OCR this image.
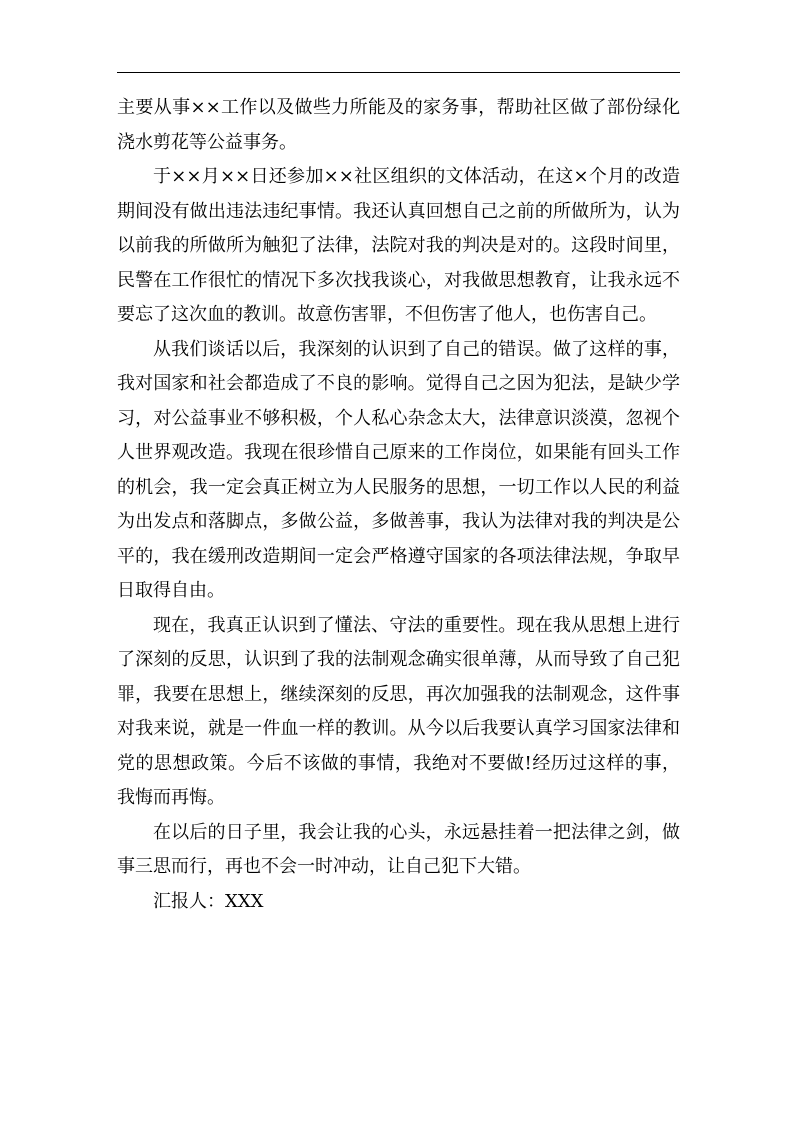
主要从事××工作以及做些力所能及的家务事，帮助社区做了部份绿化浇水剪花等公益事务。

于××月××日还参加××社区组织的文体活动，在这×个月的改造期间没有做出违法违纪事情。我还认真回想自己之前的所做所为，认为以前我的所做所为触犯了法律，法院对我的判决是对的。这段时间里，民警在工作很忙的情况下多次找我谈心，对我做思想教育，让我永远不要忘了这次血的教训。故意伤害罪，不但伤害了他人，也伤害自己。

从我们谈话以后，我深刻的认识到了自己的错误。做了这样的事，我对国家和社会都造成了不良的影响。觉得自己之因为犯法，是缺少学习，对公益事业不够积极，个人私心杂念太大，法律意识淡漠，忽视个人世界观改造。我现在很珍惜自己原来的工作岗位，如果能有回头工作的机会，我一定会真正树立为人民服务的思想，一切工作以人民的利益为出发点和落脚点，多做公益，多做善事，我认为法律对我的判决是公平的，我在缓刑改造期间一定会严格遵守国家的各项法律法规，争取早日取得自由。

现在，我真正认识到了懂法、守法的重要性。现在我从思想上进行了深刻的反思，认识到了我的法制观念确实很单薄，从而导致了自己犯罪，我要在思想上，继续深刻的反思，再次加强我的法制观念，这件事对我来说，就是一件血一样的教训。从今以后我要认真学习国家法律和党的思想政策。今后不该做的事情，我绝对不要做!经历过这样的事，我悔而再悔。

在以后的日子里，我会让我的心头，永远悬挂着一把法律之剑，做事三思而行，再也不会一时冲动，让自己犯下大错。

汇报人：XXX
